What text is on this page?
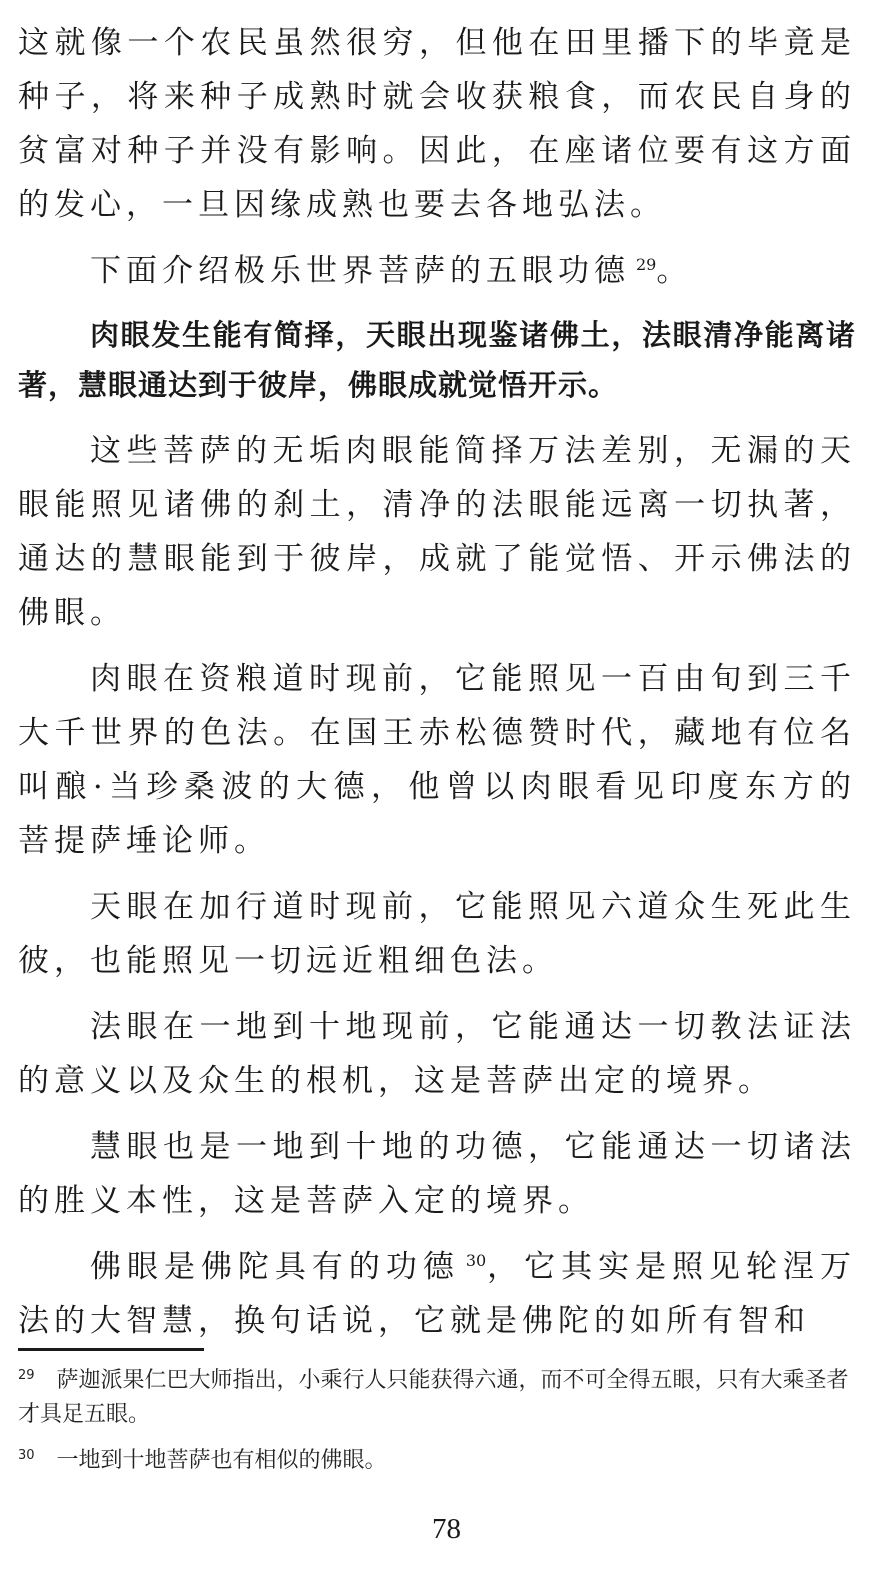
这就像一个农民虽然很穷，但他在田里播下的毕竟是种子，将来种子成熟时就会收获粮食，而农民自身的贫富对种子并没有影响。因此，在座诸位要有这方面的发心，一旦因缘成熟也要去各地弘法。

下面介绍极乐世界菩萨的五眼功德 $^{29}$。

肉眼发生能有简择，天眼出现鉴诸佛土，法眼清净能离诸著，慧眼通达到于彼岸，佛眼成就觉悟开示。

这些菩萨的无垢肉眼能简择万法差别，无漏的天眼能照见诸佛的刹土，清净的法眼能远离一切执著，通达的慧眼能到于彼岸，成就了能觉悟、开示佛法的佛眼。

肉眼在资粮道时现前，它能照见一百由旬到三千大千世界的色法。在国王赤松德赞时代，藏地有位名叫酿·当珍桑波的大德，他曾以肉眼看见印度东方的菩提萨埵论师。

天眼在加行道时现前，它能照见六道众生死此生彼，也能照见一切远近粗细色法。

法眼在一地到十地现前，它能通达一切教法证法的意义以及众生的根机，这是菩萨出定的境界。

慧眼也是一地到十地的功德，它能通达一切诸法的胜义本性，这是菩萨入定的境界。

佛眼是佛陀具有的功德 $^{30}$，它其实是照见轮涅万法的大智慧，换句话说，它就是佛陀的如所有智和

$^{29}$ 萨迦派果仁巴大师指出，小乘行人只能获得六通，而不可全得五眼，只有大乘圣者才具足五眼。
$^{30}$ 一地到十地菩萨也有相似的佛眼。
78
